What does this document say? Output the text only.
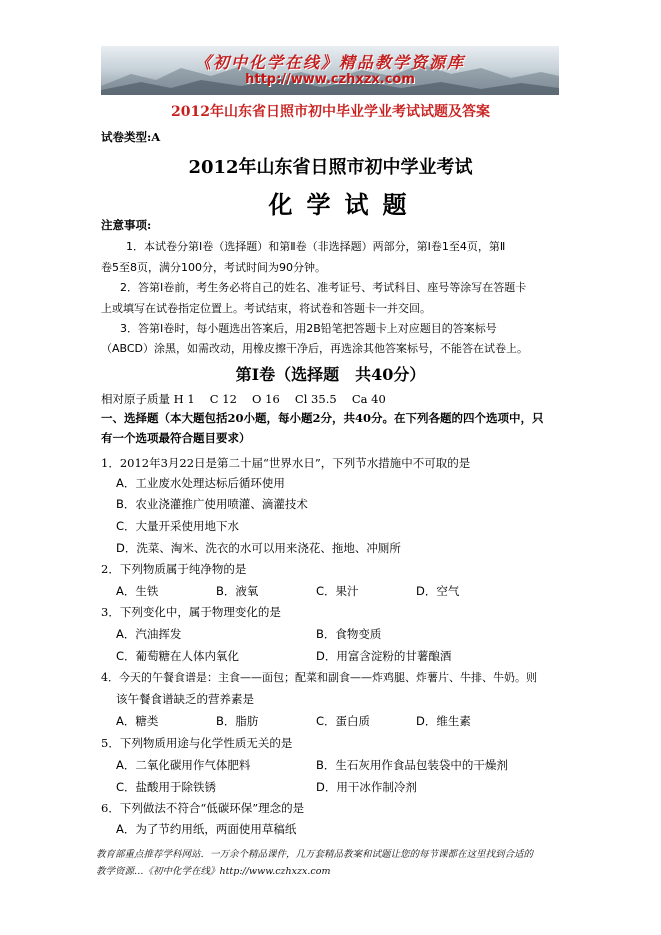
《初中化学在线》精品教学资源库
http://www.czhxzx.com
2012年山东省日照市初中毕业学业考试试题及答案
试卷类型:A
2012年山东省日照市初中学业考试
化学试题
注意事项:
1．本试卷分第Ⅰ卷（选择题）和第Ⅱ卷（非选择题）两部分，第Ⅰ卷1至4页，第Ⅱ
卷5至8页，满分100分，考试时间为90分钟。
2．答第Ⅰ卷前，考生务必将自己的姓名、准考证号、考试科目、座号等涂写在答题卡
上或填写在试卷指定位置上。考试结束，将试卷和答题卡一并交回。
3．答第Ⅰ卷时，每小题选出答案后，用2B铅笔把答题卡上对应题目的答案标号
（ABCD）涂黑，如需改动，用橡皮擦干净后，再选涂其他答案标号，不能答在试卷上。
第Ⅰ卷（选择题　共40分）
相对原子质量 H 1　 C 12　 O 16　 Cl 35.5　 Ca 40
一、选择题（本大题包括20小题，每小题2分，共40分。在下列各题的四个选项中，只
有一个选项最符合题目要求）
1．2012年3月22日是第二十届“世界水日”，下列节水措施中不可取的是
A．工业废水处理达标后循环使用
B．农业浇灌推广使用喷灌、滴灌技术
C．大量开采使用地下水
D．洗菜、淘米、洗衣的水可以用来浇花、拖地、冲厕所
2．下列物质属于纯净物的是
A．生铁	B．液氧	C．果汁	D．空气
3．下列变化中，属于物理变化的是
A．汽油挥发	B．食物变质
C．葡萄糖在人体内氧化	D．用富含淀粉的甘薯酿酒
4．今天的午餐食谱是：主食——面包；配菜和副食——炸鸡腿、炸薯片、牛排、牛奶。则
该午餐食谱缺乏的营养素是
A．糖类	B．脂肪	C．蛋白质	D．维生素
5．下列物质用途与化学性质无关的是
A．二氧化碳用作气体肥料	B．生石灰用作食品包装袋中的干燥剂
C．盐酸用于除铁锈	D．用干冰作制冷剂
6．下列做法不符合“低碳环保”理念的是
A．为了节约用纸，两面使用草稿纸
教育部重点推荐学科网站．一万余个精品课件，几万套精品教案和试题让您的每节课都在这里找到合适的
教学资源…《初中化学在线》http://www.czhxzx.com
